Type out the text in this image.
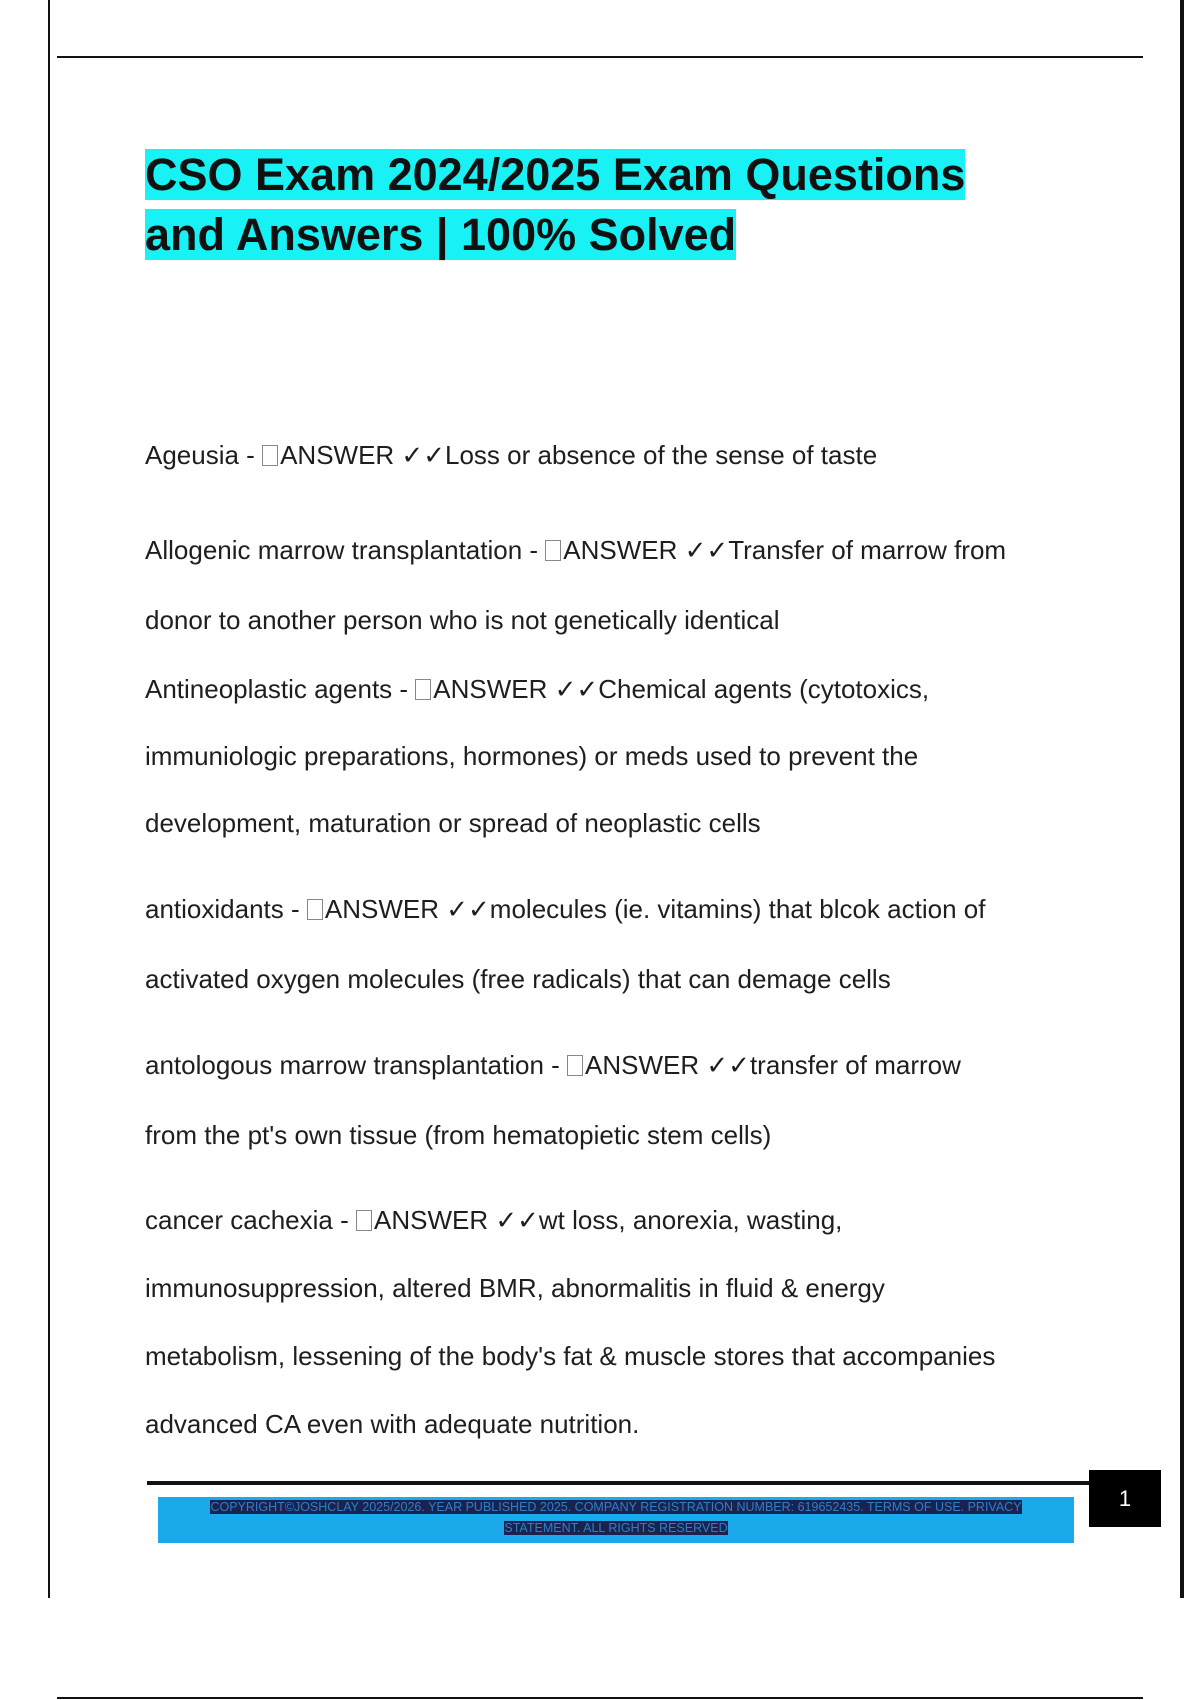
CSO Exam 2024/2025 Exam Questions
and Answers | 100% Solved
Ageusia - ANSWER ✓✓Loss or absence of the sense of taste
Allogenic marrow transplantation - ANSWER ✓✓Transfer of marrow from
donor to another person who is not genetically identical
Antineoplastic agents - ANSWER ✓✓Chemical agents (cytotoxics,
immuniologic preparations, hormones) or meds used to prevent the
development, maturation or spread of neoplastic cells
antioxidants - ANSWER ✓✓molecules (ie. vitamins) that blcok action of
activated oxygen molecules (free radicals) that can demage cells
antologous marrow transplantation - ANSWER ✓✓transfer of marrow
from the pt's own tissue (from hematopietic stem cells)
cancer cachexia - ANSWER ✓✓wt loss, anorexia, wasting,
immunosuppression, altered BMR, abnormalitis in fluid & energy
metabolism, lessening of the body's fat & muscle stores that accompanies
advanced CA even with adequate nutrition.
COPYRIGHT©JOSHCLAY 2025/2026. YEAR PUBLISHED 2025. COMPANY REGISTRATION NUMBER: 619652435. TERMS OF USE. PRIVACY
STATEMENT. ALL RIGHTS RESERVED
1
